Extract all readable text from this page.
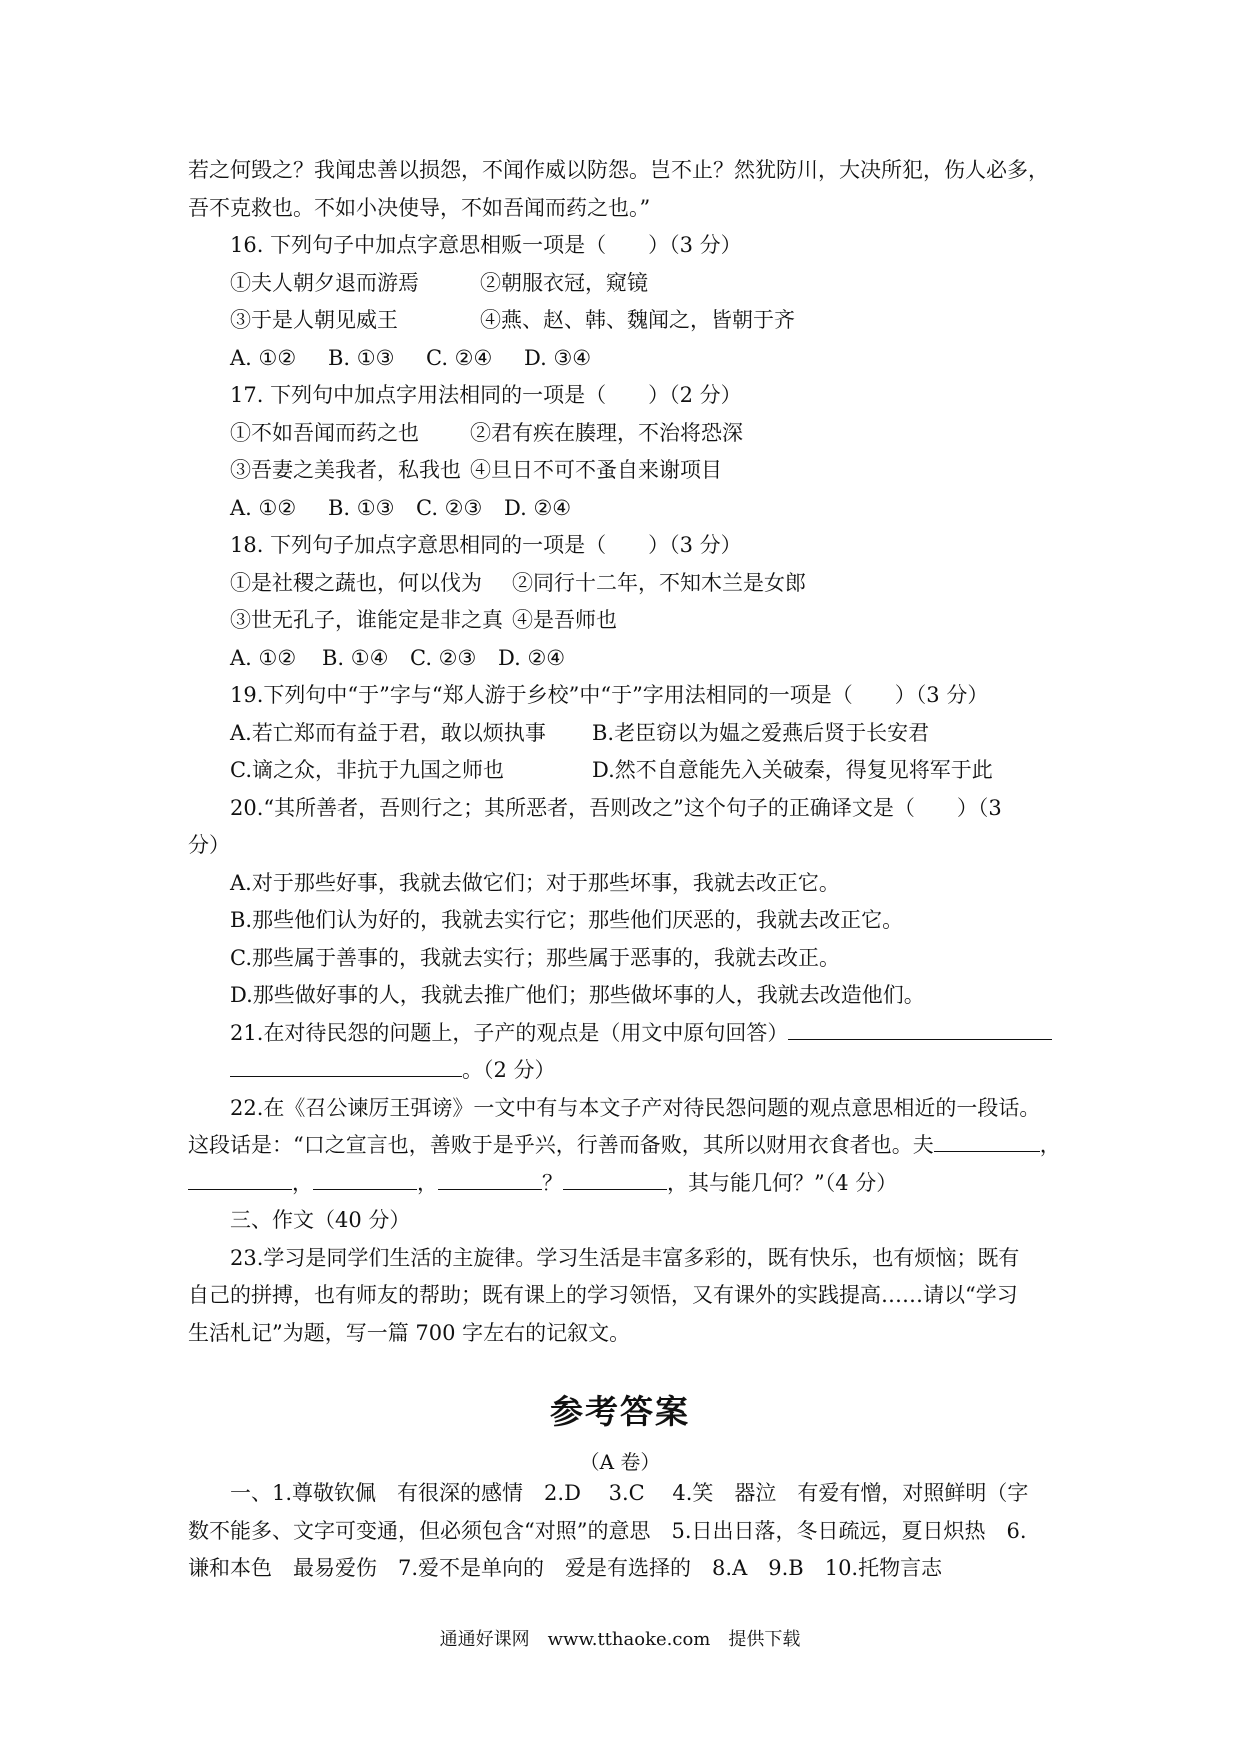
若之何毁之？我闻忠善以损怨，不闻作威以防怨。岂不止？然犹防川，大决所犯，伤人必多，
吾不克救也。不如小决使导，不如吾闻而药之也。”
16. 下列句子中加点字意思相贩一项是（　　）（3 分）
①夫人朝夕退而游焉	②朝服衣冠，窥镜
③于是人朝见威王	④燕、赵、韩、魏闻之，皆朝于齐
A. ①② B. ①③ C. ②④ D. ③④
17. 下列句中加点字用法相同的一项是（　　）（2 分）
①不如吾闻而药之也 ②君有疾在腠理，不治将恐深
③吾妻之美我者，私我也 ④旦日不可不蚤自来谢项目
A. ①② B. ①③ C. ②③ D. ②④
18. 下列句子加点字意思相同的一项是（　　）（3 分）
①是社稷之蔬也，何以伐为 ②同行十二年，不知木兰是女郎
③世无孔子，谁能定是非之真 ④是吾师也
A. ①② B. ①④ C. ②③ D. ②④
19.下列句中“于”字与“郑人游于乡校”中“于”字用法相同的一项是（　　）（3 分）
A.若亡郑而有益于君，敢以烦执事 B.老臣窃以为媪之爱燕后贤于长安君
C.谪之众，非抗于九国之师也	D.然不自意能先入关破秦，得复见将军于此
20.“其所善者，吾则行之；其所恶者，吾则改之”这个句子的正确译文是（　　）（3
分）
A.对于那些好事，我就去做它们；对于那些坏事，我就去改正它。
B.那些他们认为好的，我就去实行它；那些他们厌恶的，我就去改正它。
C.那些属于善事的，我就去实行；那些属于恶事的，我就去改正。
D.那些做好事的人，我就去推广他们；那些做坏事的人，我就去改造他们。
21.在对待民怨的问题上，子产的观点是（用文中原句回答）
。（2 分）
22.在《召公谏厉王弭谤》一文中有与本文子产对待民怨问题的观点意思相近的一段话。
这段话是：“口之宣言也，善败于是乎兴，行善而备败，其所以财用衣食者也。夫	，
，	，	？	，其与能几何？”（4 分）
三、作文（40 分）
23.学习是同学们生活的主旋律。学习生活是丰富多彩的，既有快乐，也有烦恼；既有
自己的拼搏，也有师友的帮助；既有课上的学习领悟，又有课外的实践提高……请以“学习
生活札记”为题，写一篇 700 字左右的记叙文。
参考答案
（A 卷）
一、1.尊敬钦佩　有很深的感情　2.D　 3.C　 4.笑　器泣　有爱有憎，对照鲜明（字
数不能多、文字可变通，但必须包含“对照”的意思　5.日出日落，冬日疏远，夏日炽热　6.
谦和本色　最易爱伤　7.爱不是单向的　爱是有选择的　8.A　9.B　10.托物言志
通通好课网　www.tthaoke.com　提供下载
